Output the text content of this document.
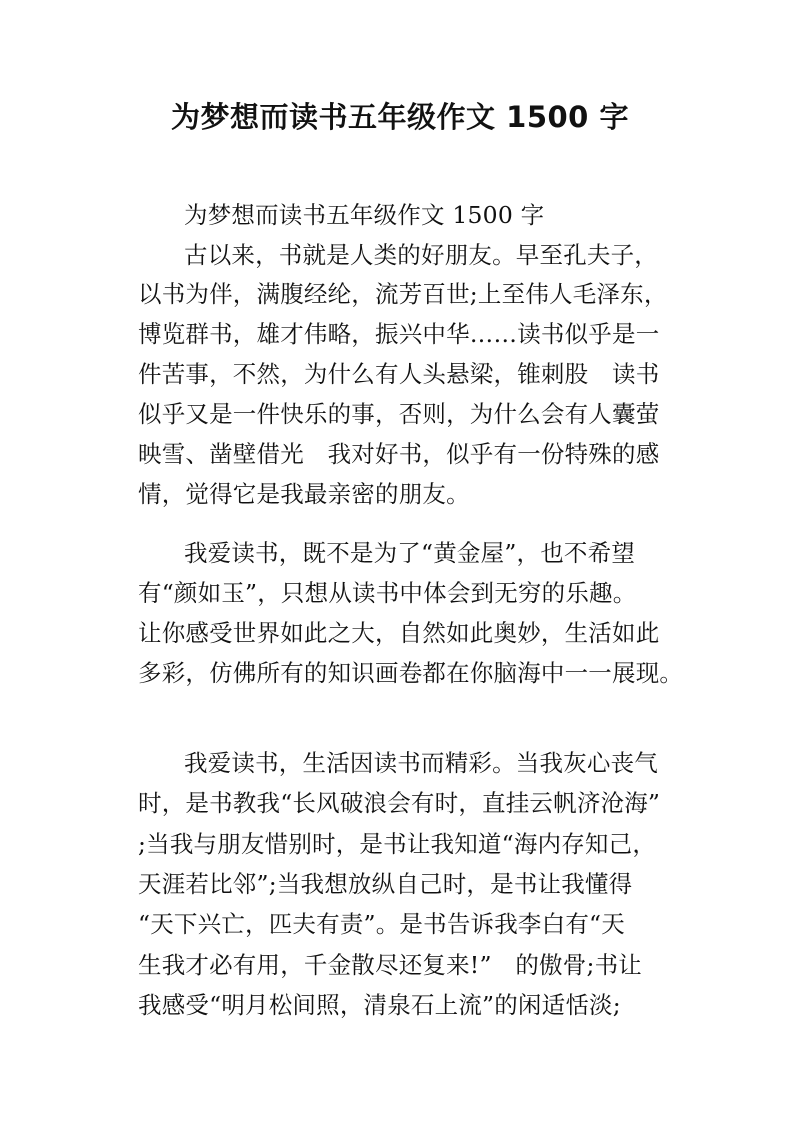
为梦想而读书五年级作文 1500 字
为梦想而读书五年级作文 1500 字
古以来，书就是人类的好朋友。早至孔夫子，
以书为伴，满腹经纶，流芳百世;上至伟人毛泽东，
博览群书，雄才伟略，振兴中华……读书似乎是一
件苦事，不然，为什么有人头悬梁，锥刺股　读书
似乎又是一件快乐的事，否则，为什么会有人囊萤
映雪、凿壁借光　我对好书，似乎有一份特殊的感
情，觉得它是我最亲密的朋友。
我爱读书，既不是为了“黄金屋”，也不希望
有“颜如玉”，只想从读书中体会到无穷的乐趣。
让你感受世界如此之大，自然如此奥妙，生活如此
多彩，仿佛所有的知识画卷都在你脑海中一一展现。
我爱读书，生活因读书而精彩。当我灰心丧气
时，是书教我“长风破浪会有时，直挂云帆济沧海”
;当我与朋友惜别时，是书让我知道“海内存知己，
天涯若比邻”;当我想放纵自己时，是书让我懂得
“天下兴亡，匹夫有责”。是书告诉我李白有“天
生我才必有用，千金散尽还复来!”　的傲骨;书让
我感受“明月松间照，清泉石上流”的闲适恬淡;
